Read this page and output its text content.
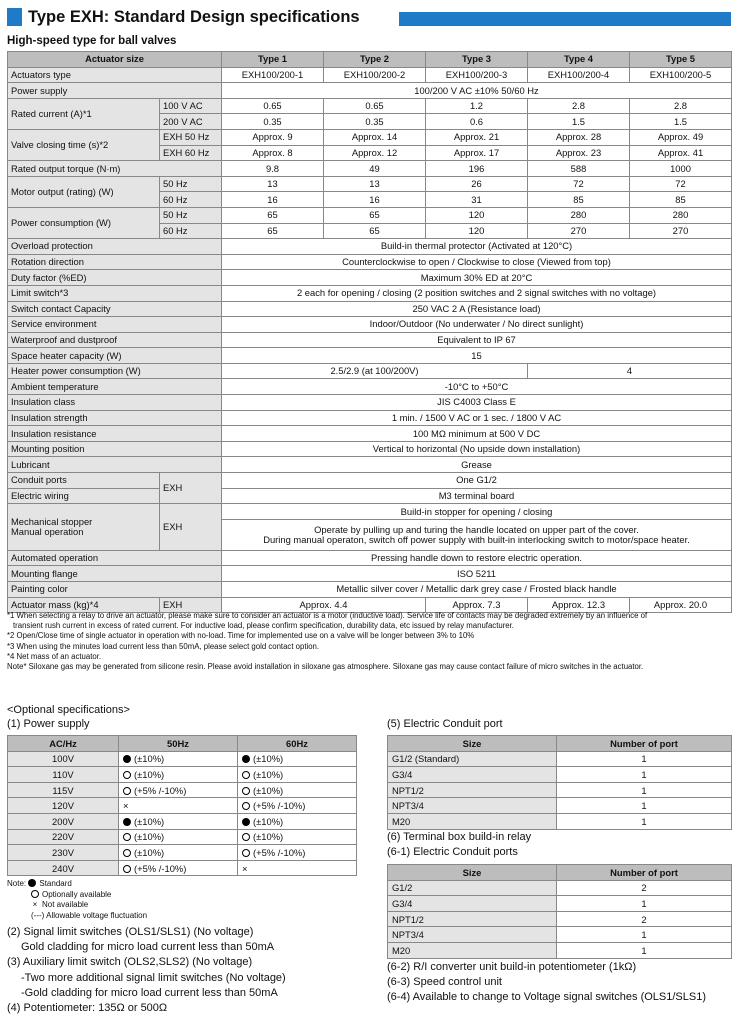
Type EXH: Standard Design specifications
High-speed type for ball valves
Actuator size		Type 1	Type 2	Type 3	Type 4	Type 5
Actuators type		EXH100/200-1	EXH100/200-2	EXH100/200-3	EXH100/200-4	EXH100/200-5
Power supply		100/200 V AC ±10% 50/60 Hz				
Rated current (A)*1	100 V AC	0.65	0.65	1.2	2.8	2.8
	200 V AC	0.35	0.35	0.6	1.5	1.5
Valve closing time (s)*2	EXH 50 Hz	Approx. 9	Approx. 14	Approx. 21	Approx. 28	Approx. 49
	EXH 60 Hz	Approx. 8	Approx. 12	Approx. 17	Approx. 23	Approx. 41
Rated output torque (N·m)		9.8	49	196	588	1000
Motor output (rating) (W)	50 Hz	13	13	26	72	72
	60 Hz	16	16	31	85	85
Power consumption (W)	50 Hz	65	65	120	280	280
	60 Hz	65	65	120	270	270
Overload protection		Build-in thermal protector (Activated at 120°C)				
Rotation direction		Counterclockwise to open / Clockwise to close (Viewed from top)				
Duty factor (%ED)		Maximum 30% ED at 20°C				
Limit switch*3		2 each for opening / closing (2 position switches and 2 signal switches with no voltage)				
Switch contact Capacity		250 VAC 2 A (Resistance load)				
Service environment		Indoor/Outdoor (No underwater / No direct sunlight)				
Waterproof and dustproof		Equivalent to IP 67				
Space heater capacity (W)		15				
Heater power consumption (W)		2.5/2.9 (at 100/200V)			4	
Ambient temperature		-10°C to +50°C				
Insulation class		JIS C4003 Class E				
Insulation strength		1 min. / 1500 V AC or 1 sec. / 1800 V AC				
Insulation resistance		100 MΩ minimum at 500 V DC				
Mounting position		Vertical to horizontal (No upside down installation)				
Lubricant		Grease				
Conduit ports	EXH	One G1/2				
Electric wiring		M3 terminal board				

Mechanical stopper
Manual operation	EXH	Build-in stopper for opening / closing				

		Operate by pulling up and turing the handle located on upper part of the cover.
During manual operaton, switch off power supply with built-in interlocking switch to motor/space heater.				

Automated operation		Pressing handle down to restore electric operation.				
Mounting flange		ISO 5211				
Painting color		Metallic silver cover / Metallic dark grey case / Frosted black handle				
Actuator mass (kg)*4	EXH	Approx. 4.4		Approx. 7.3	Approx. 12.3	Approx. 20.0
*1 When selecting a relay to drive an actuator, please make sure to consider an actuator is a motor (inductive load). Service life of contacts may be degraded extremely by an influence of
transient rush current in excess of rated current. For inductive load, please confirm specification, durability data, etc issued by relay manufacturer.
*2 Open/Close time of single actuator in operation with no-load. Time for implemented use on a valve will be longer between 3% to 10%
*3 When using the minutes load current less than 50mA, please select gold contact option.
*4 Net mass of an actuator.
Note* Siloxane gas may be generated from silicone resin. Please avoid installation in siloxane gas atmosphere. Siloxane gas may cause contact failure of micro switches in the actuator.
<Optional specifications>
(1) Power supply
AC/Hz	50Hz	60Hz
100V	(±10%)	(±10%)
110V	(±10%)	(±10%)
115V	(+5% /-10%)	(±10%)
120V	×	(+5% /-10%)
200V	(±10%)	(±10%)
220V	(±10%)	(±10%)
230V	(±10%)	(+5% /-10%)
240V	(+5% /-10%)	×
Note: Standard
Optionally available
× Not available
(---) Allowable voltage fluctuation
(2) Signal limit switches (OLS1/SLS1) (No voltage)
Gold cladding for micro load current less than 50mA
(3) Auxiliary limit switch (OLS2,SLS2) (No voltage)
-Two more additional signal limit switches (No voltage)
-Gold cladding for micro load current less than 50mA
(4) Potentiometer: 135Ω or 500Ω
(5) Electric Conduit port
Size	Number of port
G1/2 (Standard)	1
G3/4	1
NPT1/2	1
NPT3/4	1
M20	1
(6) Terminal box build-in relay
(6-1) Electric Conduit ports
Size	Number of port
G1/2	2
G3/4	1
NPT1/2	2
NPT3/4	1
M20	1
(6-2) R/I converter unit build-in potentiometer (1kΩ)
(6-3) Speed control unit
(6-4) Available to change to Voltage signal switches (OLS1/SLS1)
